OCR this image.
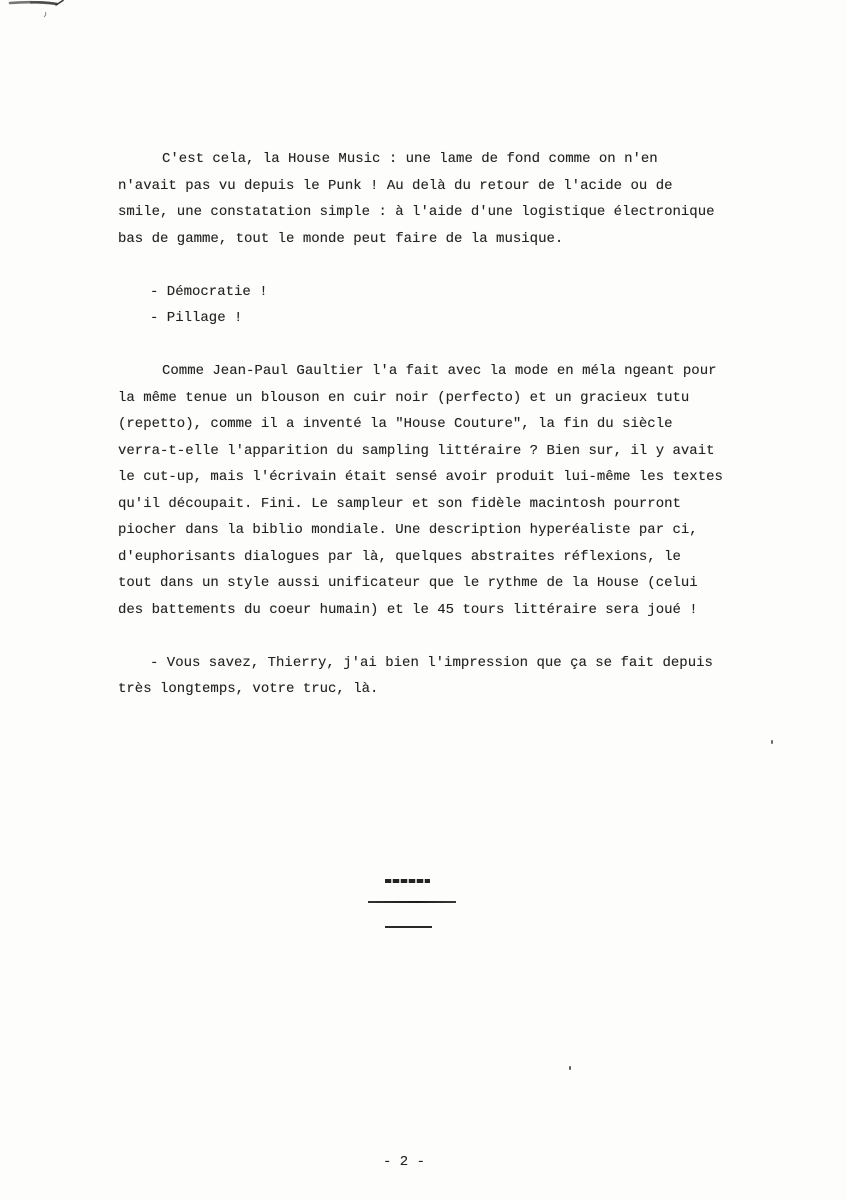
C'est cela, la House Music : une lame de fond comme on n'en
n'avait pas vu depuis le Punk ! Au delà du retour de l'acide ou de
smile, une constatation simple : à l'aide d'une logistique électronique
bas de gamme, tout le monde peut faire de la musique.
- Démocratie !
- Pillage !
Comme Jean-Paul Gaultier l'a fait avec la mode en méla ngeant pour
la même tenue un blouson en cuir noir (perfecto) et un gracieux tutu
(repetto), comme il a inventé la "House Couture", la fin du siècle
verra-t-elle l'apparition du sampling littéraire ? Bien sur, il y avait
le cut-up, mais l'écrivain était sensé avoir produit lui-même les textes
qu'il découpait. Fini. Le sampleur et son fidèle macintosh pourront
piocher dans la biblio mondiale. Une description hyperéaliste par ci,
d'euphorisants dialogues par là, quelques abstraites réflexions, le
tout dans un style aussi unificateur que le rythme de la House (celui
des battements du coeur humain) et le 45 tours littéraire sera joué !
- Vous savez, Thierry, j'ai bien l'impression que ça se fait depuis
très longtemps, votre truc, là.
- 2 -
